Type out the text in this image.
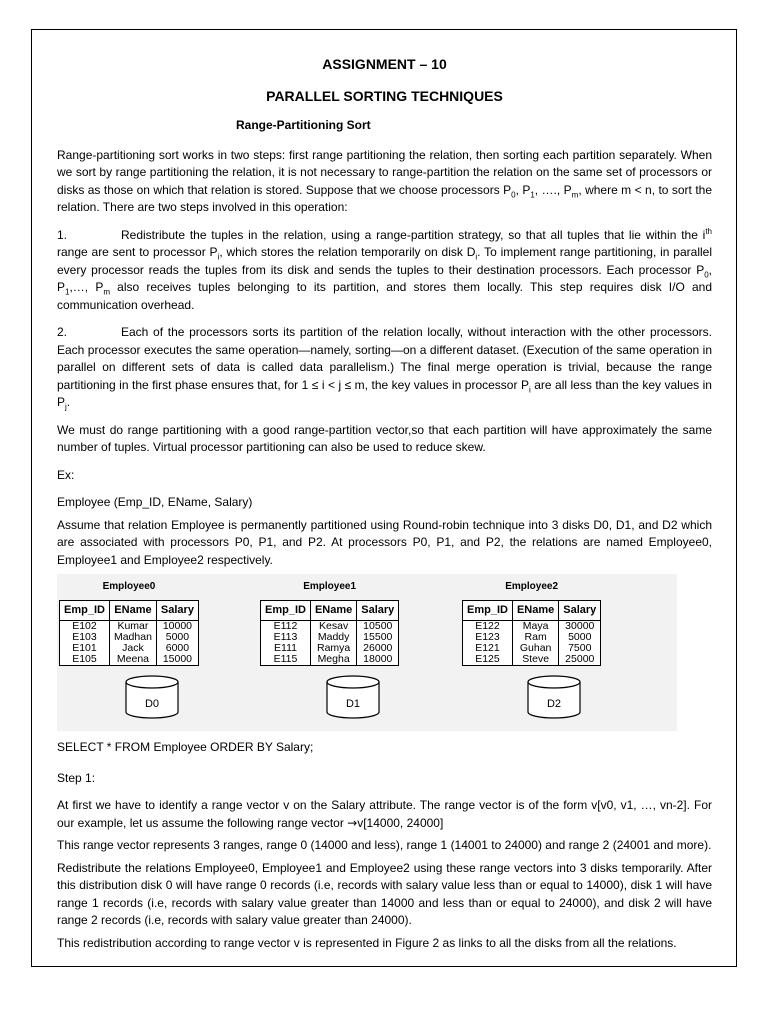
ASSIGNMENT – 10
PARALLEL SORTING TECHNIQUES
Range-Partitioning Sort

Range-partitioning sort works in two steps: first range partitioning the relation, then sorting each partition separately. When we sort by range partitioning the relation, it is not necessary to range-partition the relation on the same set of processors or disks as those on which that relation is stored. Suppose that we choose processors $P_0$, $P_1$, …., $P_m$, where m < n, to sort the relation. There are two steps involved in this operation:

1.	Redistribute the tuples in the relation, using a range-partition strategy, so that all tuples that lie within the $i^{th}$ range are sent to processor $P_i$, which stores the relation temporarily on disk $D_i$. To implement range partitioning, in parallel every processor reads the tuples from its disk and sends the tuples to their destination processors. Each processor $P_0$, $P_1,\dots$, $P_m$ also receives tuples belonging to its partition, and stores them locally. This step requires disk I/O and communication overhead.

2.	Each of the processors sorts its partition of the relation locally, without interaction with the other processors. Each processor executes the same operation—namely, sorting—on a different dataset. (Execution of the same operation in parallel on different sets of data is called data parallelism.) The final merge operation is trivial, because the range partitioning in the first phase ensures that, for 1 ≤ i < j ≤ m, the key values in processor $P_i$ are all less than the key values in $P_j$.

We must do range partitioning with a good range-partition vector,so that each partition will have approximately the same number of tuples. Virtual processor partitioning can also be used to reduce skew.

Ex:

Employee (Emp_ID, EName, Salary)

Assume that relation Employee is permanently partitioned using Round-robin technique into 3 disks D0, D1, and D2 which are associated with processors P0, P1, and P2. At processors P0, P1, and P2, the relations are named Employee0, Employee1 and Employee2 respectively.

Employee0
Emp_ID	EName	Salary
E102	Kumar	10000
E103	Madhan	5000
E101	Jack	6000
E105	Meena	15000
Employee1
Emp_ID	EName	Salary
E112	Kesav	10500
E113	Maddy	15500
E111	Ramya	26000
E115	Megha	18000
Employee2
Emp_ID	EName	Salary
E122	Maya	30000
E123	Ram	5000
E121	Guhan	7500
E125	Steve	25000
D0	D1	D2

SELECT * FROM Employee ORDER BY Salary;

Step 1:

At first we have to identify a range vector v on the Salary attribute. The range vector is of the form v[v0, v1, …, vn-2]. For our example, let us assume the following range vector →v[14000, 24000]

This range vector represents 3 ranges, range 0 (14000 and less), range 1 (14001 to 24000) and range 2 (24001 and more).

Redistribute the relations Employee0, Employee1 and Employee2 using these range vectors into 3 disks temporarily. After this distribution disk 0 will have range 0 records (i.e, records with salary value less than or equal to 14000), disk 1 will have range 1 records (i.e, records with salary value greater than 14000 and less than or equal to 24000), and disk 2 will have range 2 records (i.e, records with salary value greater than 24000).

This redistribution according to range vector v is represented in Figure 2 as links to all the disks from all the relations.
